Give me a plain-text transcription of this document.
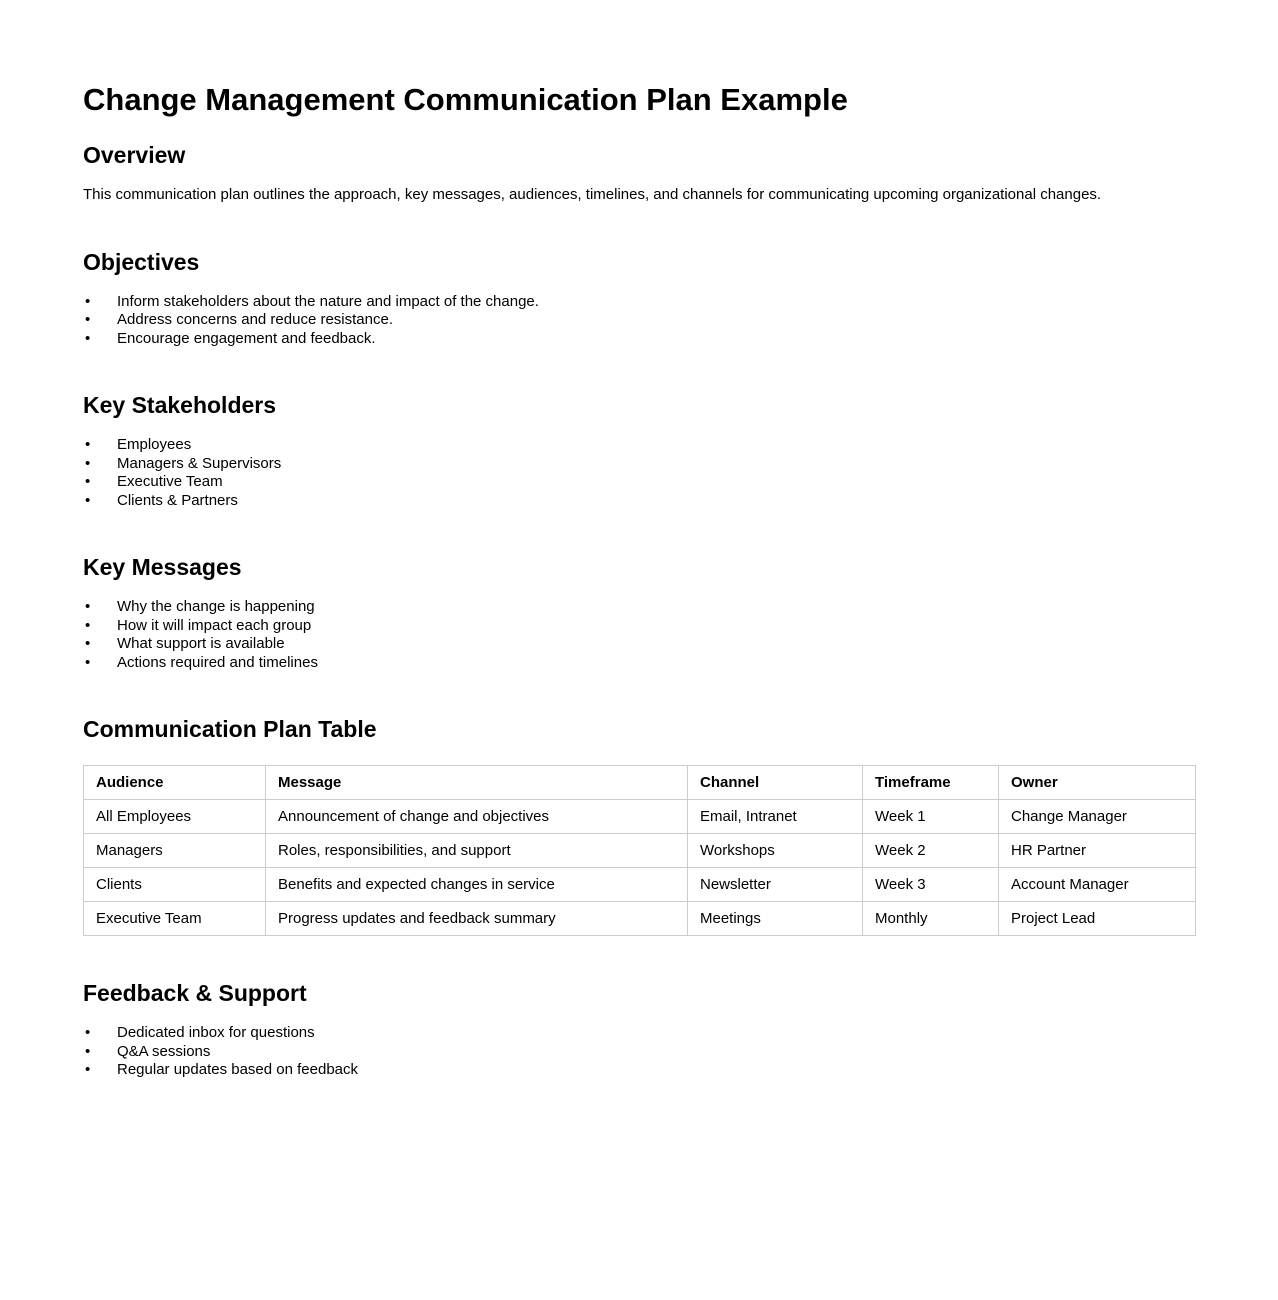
Change Management Communication Plan Example
Overview

This communication plan outlines the approach, key messages, audiences, timelines, and channels for communicating upcoming organizational changes.

Objectives
• Inform stakeholders about the nature and impact of the change.
• Address concerns and reduce resistance.
• Encourage engagement and feedback.
Key Stakeholders
• Employees
• Managers & Supervisors
• Executive Team
• Clients & Partners
Key Messages
• Why the change is happening
• How it will impact each group
• What support is available
• Actions required and timelines
Communication Plan Table
Audience	Message	Channel	Timeframe	Owner
All Employees	Announcement of change and objectives	Email, Intranet	Week 1	Change Manager
Managers	Roles, responsibilities, and support	Workshops	Week 2	HR Partner
Clients	Benefits and expected changes in service	Newsletter	Week 3	Account Manager
Executive Team	Progress updates and feedback summary	Meetings	Monthly	Project Lead
Feedback & Support
• Dedicated inbox for questions
• Q&A sessions
• Regular updates based on feedback
